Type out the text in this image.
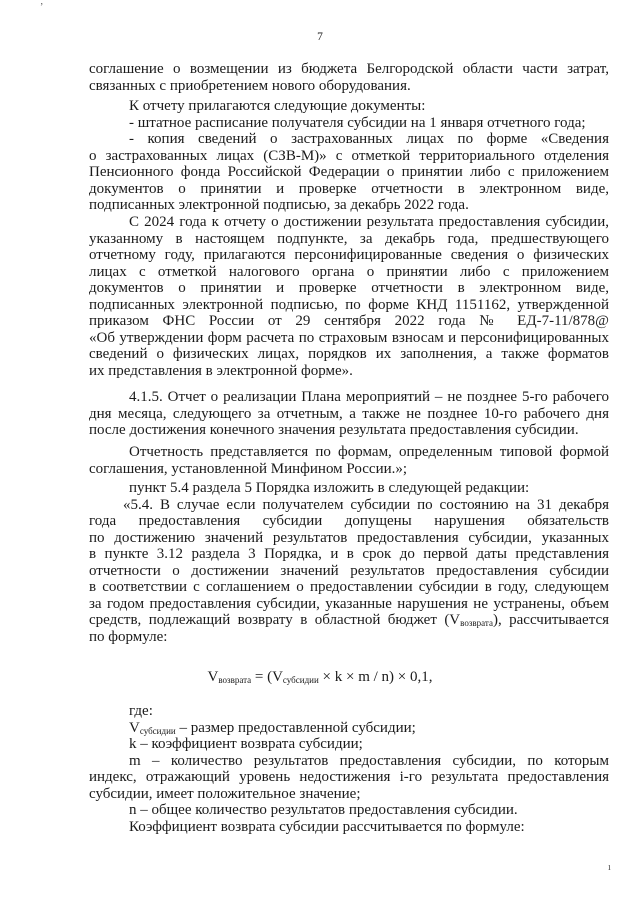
7
соглашение о возмещении из бюджета Белгородской области части затрат,
связанных с приобретением нового оборудования.
К отчету прилагаются следующие документы:
- штатное расписание получателя субсидии на 1 января отчетного года;
- копия сведений о застрахованных лицах по форме «Сведения
о застрахованных лицах (СЗВ-М)» с отметкой территориального отделения
Пенсионного фонда Российской Федерации о принятии либо с приложением
документов о принятии и проверке отчетности в электронном виде,
подписанных электронной подписью, за декабрь 2022 года.
С 2024 года к отчету о достижении результата предоставления субсидии,
указанному в настоящем подпункте, за декабрь года, предшествующего
отчетному году, прилагаются персонифицированные сведения о физических
лицах с отметкой налогового органа о принятии либо с приложением
документов о принятии и проверке отчетности в электронном виде,
подписанных электронной подписью, по форме КНД 1151162, утвержденной
приказом ФНС России от 29 сентября 2022 года № ЕД-7-11/878@
«Об утверждении форм расчета по страховым взносам и персонифицированных
сведений о физических лицах, порядков их заполнения, а также форматов
их представления в электронной форме».
4.1.5. Отчет о реализации Плана мероприятий – не позднее 5-го рабочего
дня месяца, следующего за отчетным, а также не позднее 10-го рабочего дня
после достижения конечного значения результата предоставления субсидии.
Отчетность представляется по формам, определенным типовой формой
соглашения, установленной Минфином России.»;
пункт 5.4 раздела 5 Порядка изложить в следующей редакции:
«5.4. В случае если получателем субсидии по состоянию на 31 декабря
года предоставления субсидии допущены нарушения обязательств
по достижению значений результатов предоставления субсидии, указанных
в пункте 3.12 раздела 3 Порядка, и в срок до первой даты представления
отчетности о достижении значений результатов предоставления субсидии
в соответствии с соглашением о предоставлении субсидии в году, следующем
за годом предоставления субсидии, указанные нарушения не устранены, объем
средств, подлежащий возврату в областной бюджет $(V_{возврата})$, рассчитывается
по формуле:
$V_{возврата} = (V_{субсидии} \times k \times m / n) \times 0,1$,
где:
$V_{субсидии}$ – размер предоставленной субсидии;
k – коэффициент возврата субсидии;
m – количество результатов предоставления субсидии, по которым
индекс, отражающий уровень недостижения i-го результата предоставления
субсидии, имеет положительное значение;
n – общее количество результатов предоставления субсидии.
Коэффициент возврата субсидии рассчитывается по формуле:
ʼ
ı
